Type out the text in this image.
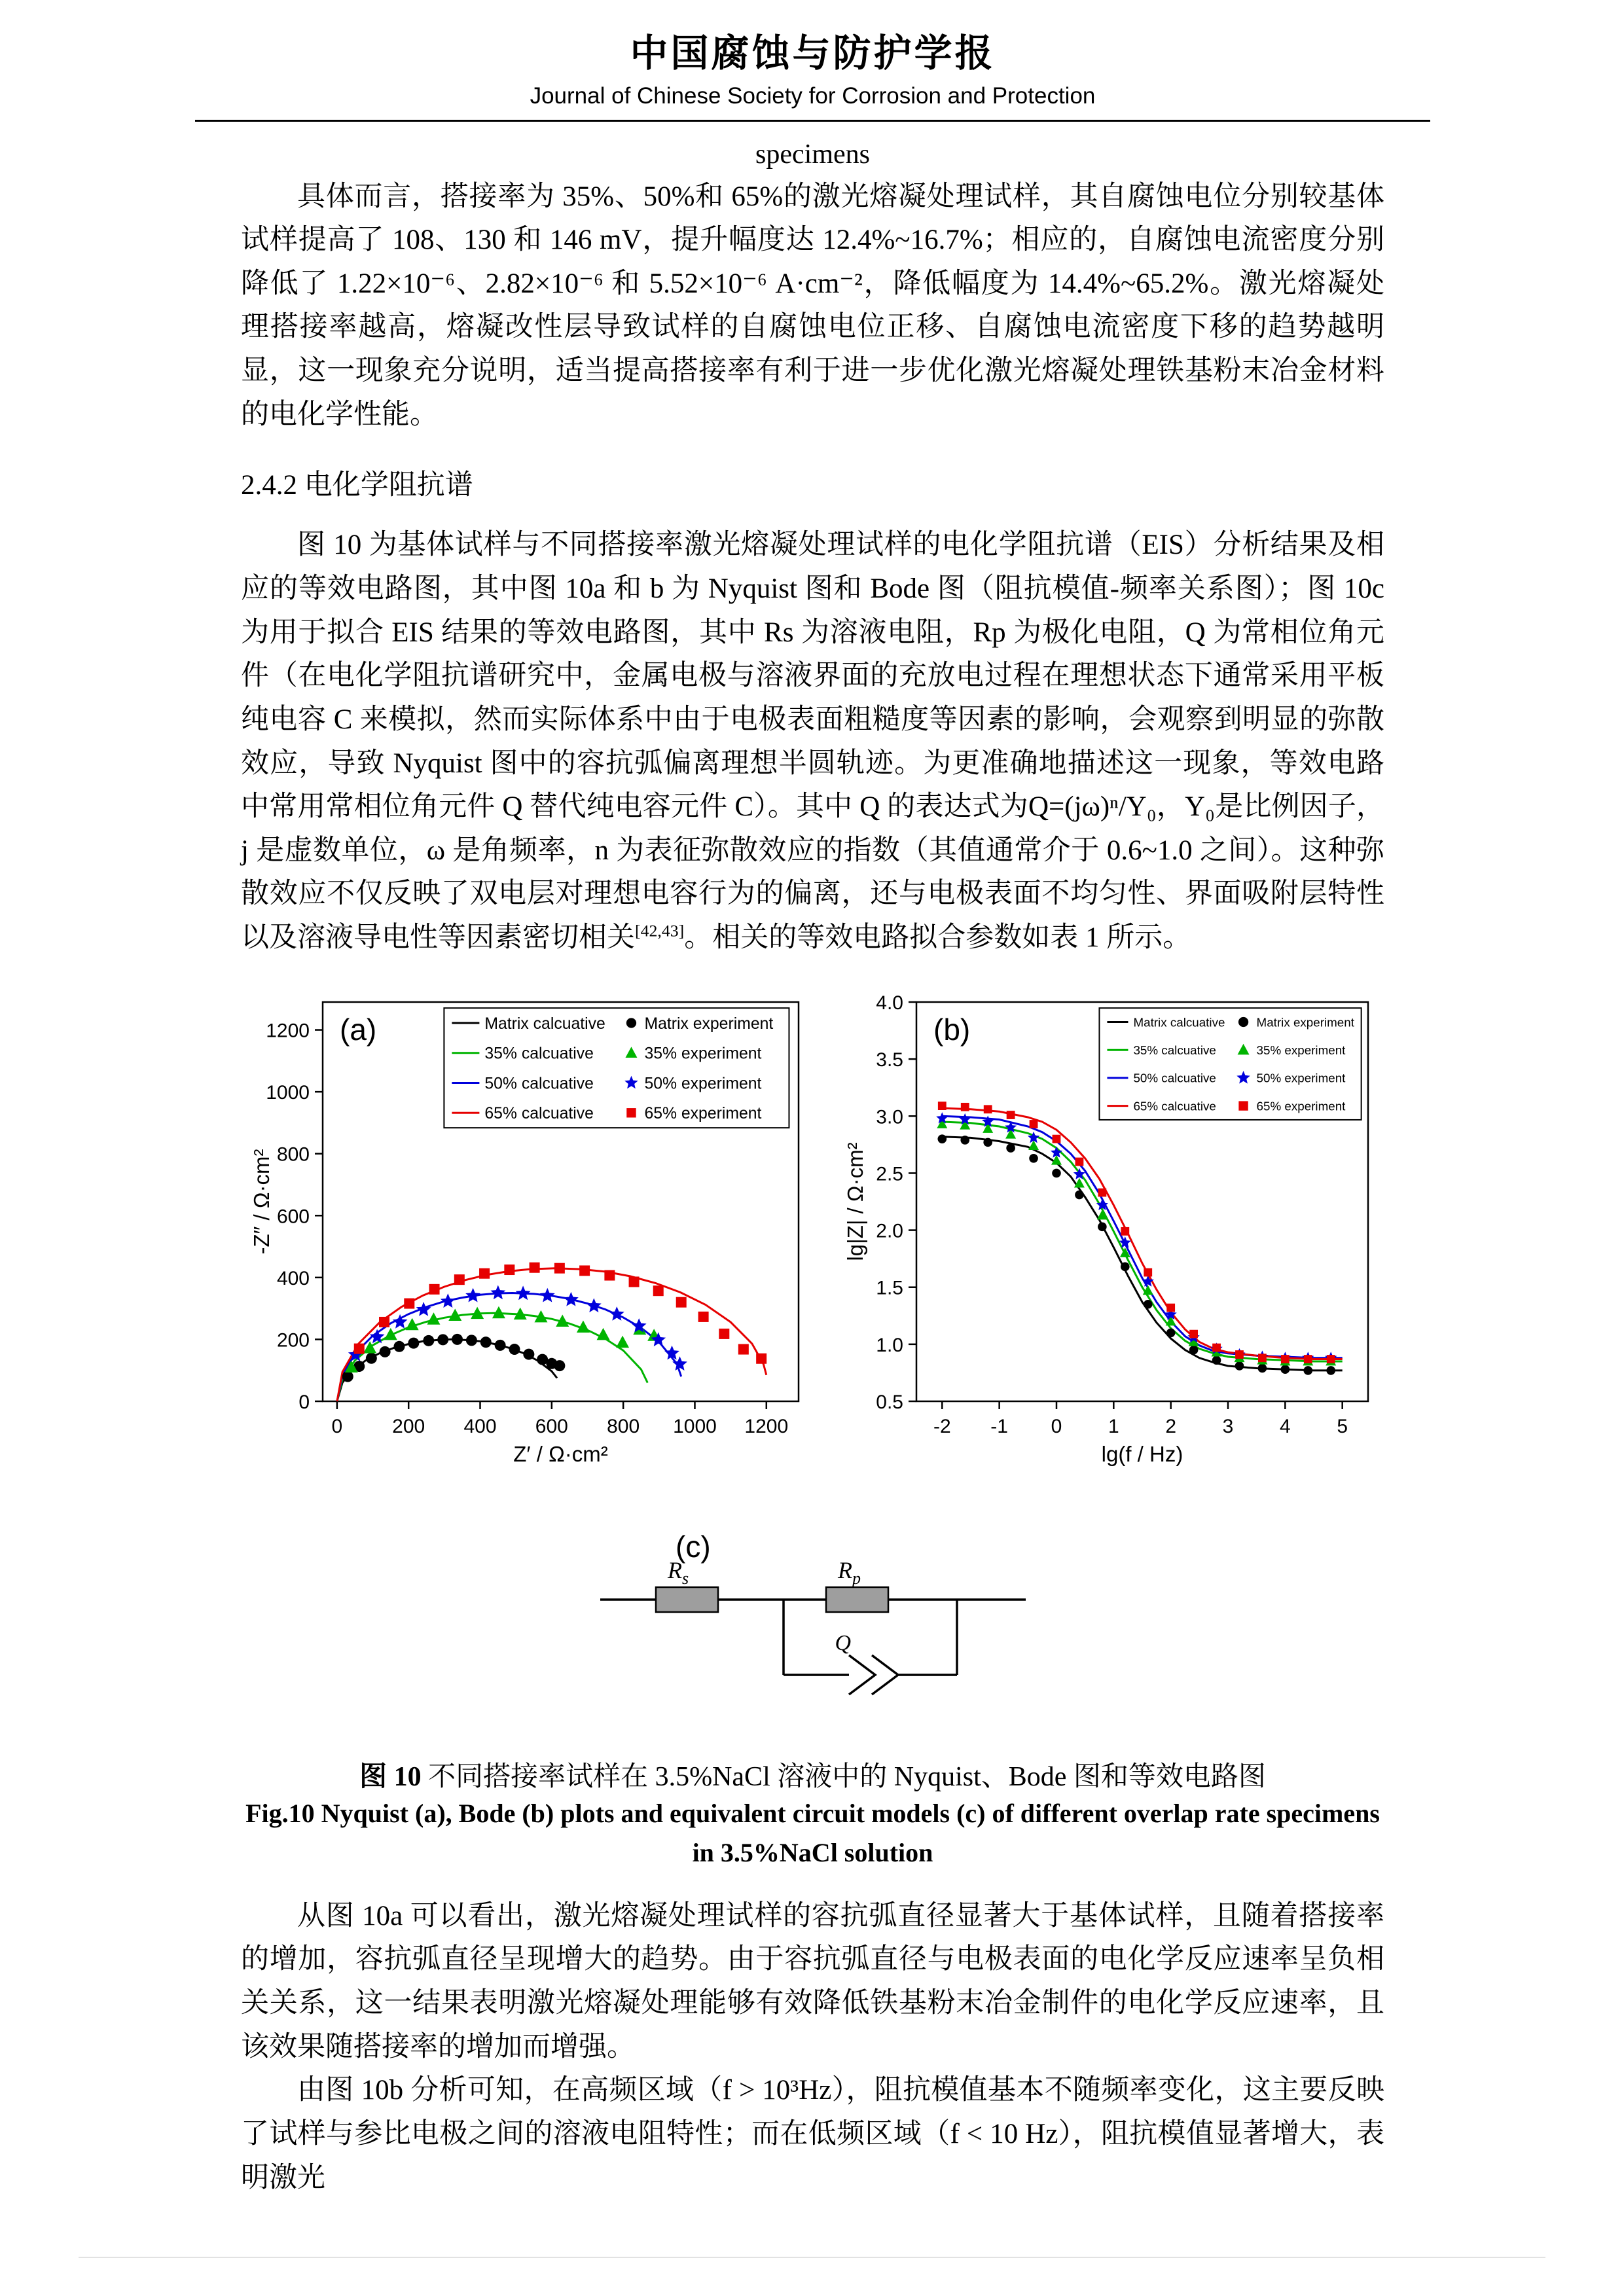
中国腐蚀与防护学报
Journal of Chinese Society for Corrosion and Protection
specimens

具体而言，搭接率为 35%、50%和 65%的激光熔凝处理试样，其自腐蚀电位分别较基体试样提高了 108、130 和 146 mV，提升幅度达 12.4%~16.7%；相应的，自腐蚀电流密度分别降低了 1.22×10⁻⁶、2.82×10⁻⁶ 和 5.52×10⁻⁶ A·cm⁻²，降低幅度为 14.4%~65.2%。激光熔凝处理搭接率越高，熔凝改性层导致试样的自腐蚀电位正移、自腐蚀电流密度下移的趋势越明显，这一现象充分说明，适当提高搭接率有利于进一步优化激光熔凝处理铁基粉末冶金材料的电化学性能。

2.4.2 电化学阻抗谱

图 10 为基体试样与不同搭接率激光熔凝处理试样的电化学阻抗谱（EIS）分析结果及相应的等效电路图，其中图 10a 和 b 为 Nyquist 图和 Bode 图（阻抗模值-频率关系图）；图 10c 为用于拟合 EIS 结果的等效电路图，其中 Rs 为溶液电阻，Rp 为极化电阻，Q 为常相位角元件（在电化学阻抗谱研究中，金属电极与溶液界面的充放电过程在理想状态下通常采用平板纯电容 C 来模拟，然而实际体系中由于电极表面粗糙度等因素的影响，会观察到明显的弥散效应，导致 Nyquist 图中的容抗弧偏离理想半圆轨迹。为更准确地描述这一现象，等效电路中常用常相位角元件 Q 替代纯电容元件 C）。其中 Q 的表达式为Q=(jω)ⁿ/Y₀，Y₀是比例因子，j 是虚数单位，ω 是角频率，n 为表征弥散效应的指数（其值通常介于 0.6~1.0 之间）。这种弥散效应不仅反映了双电层对理想电容行为的偏离，还与电极表面不均匀性、界面吸附层特性以及溶液导电性等因素密切相关[42,43]。相关的等效电路拟合参数如表 1 所示。

0	200 400 600 800 1000 1200
0
200
400
600
800
1000
1200
Z′ / Ω·cm²
-Z″ / Ω·cm²
(a)	Matrix calcuative Matrix experiment
35% calcuative	35% experiment
50% calcuative	50% experiment
65% calcuative	65% experiment
-2 -1 0 1 2 3 4 5
0.5
1.0
1.5
2.0
2.5
3.0
3.5
4.0
lg(f / Hz)
lg|Z| / Ω·cm²
(b)	Matrix calcuative	Matrix experiment
35% calcuative	35% experiment
50% calcuative	50% experiment
65% calcuative	65% experiment
(c)
$R_s$	$R_p$
Q
图 10 不同搭接率试样在 3.5%NaCl 溶液中的 Nyquist、Bode 图和等效电路图
Fig.10 Nyquist (a), Bode (b) plots and equivalent circuit models (c) of different overlap rate specimens
in 3.5%NaCl solution

从图 10a 可以看出，激光熔凝处理试样的容抗弧直径显著大于基体试样，且随着搭接率的增加，容抗弧直径呈现增大的趋势。由于容抗弧直径与电极表面的电化学反应速率呈负相关关系，这一结果表明激光熔凝处理能够有效降低铁基粉末冶金制件的电化学反应速率，且该效果随搭接率的增加而增强。

由图 10b 分析可知，在高频区域（f > 10³Hz），阻抗模值基本不随频率变化，这主要反映了试样与参比电极之间的溶液电阻特性；而在低频区域（f < 10 Hz），阻抗模值显著增大，表明激光
